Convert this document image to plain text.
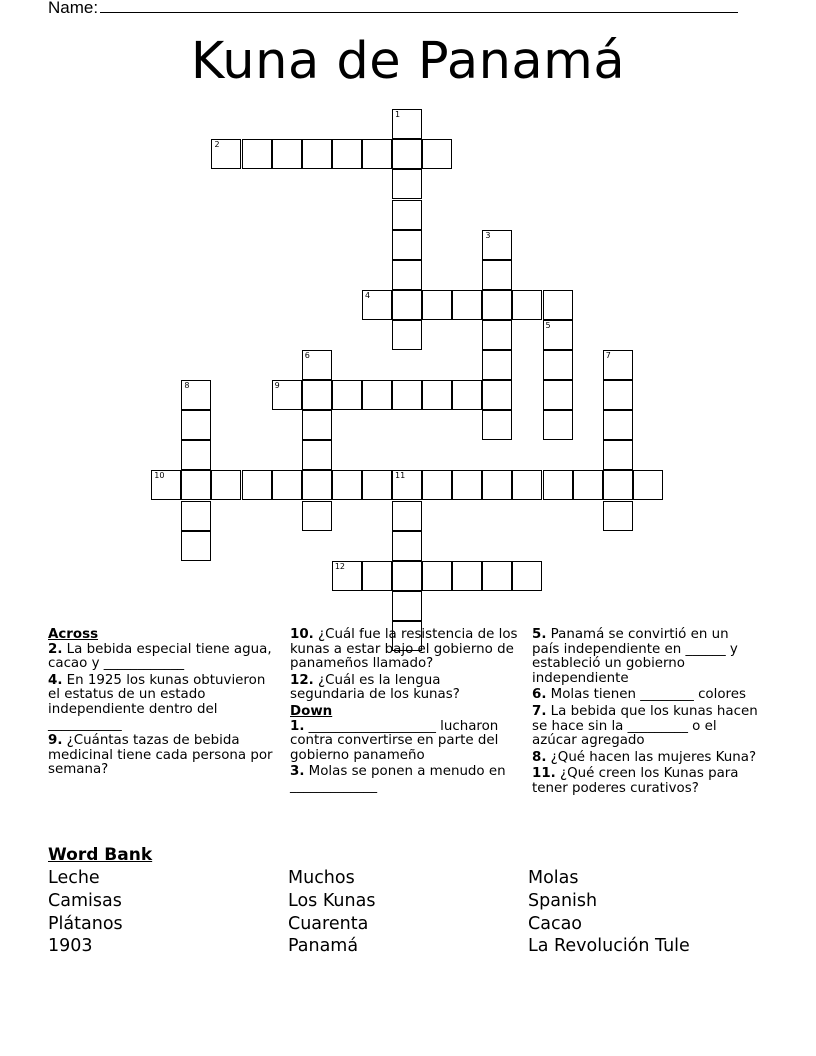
Name:
Kuna de Panamá
1
2
3
4
5
6	7
8	9
10	11
12
Across
2. La bebida especial tiene agua, cacao y ____________
4. En 1925 los kunas obtuvieron el estatus de un estado independiente dentro del ___________
9. ¿Cuántas tazas de bebida medicinal tiene cada persona por semana?
10. ¿Cuál fue la resistencia de los kunas a estar bajo el gobierno de panameños llamado?
12. ¿Cuál es la lengua segundaria de los kunas?
Down
1. ___________________ lucharon contra convertirse en parte del gobierno panameño
3. Molas se ponen a menudo en _____________
5. Panamá se convirtió en un país independiente en ______ y estableció un gobierno independiente
6. Molas tienen ________ colores
7. La bebida que los kunas hacen se hace sin la _________ o el azúcar agregado
8. ¿Qué hacen las mujeres Kuna?
11. ¿Qué creen los Kunas para tener poderes curativos?
Word Bank
Leche
Camisas
Plátanos
1903
Muchos
Los Kunas
Cuarenta
Panamá
Molas
Spanish
Cacao
La Revolución Tule
